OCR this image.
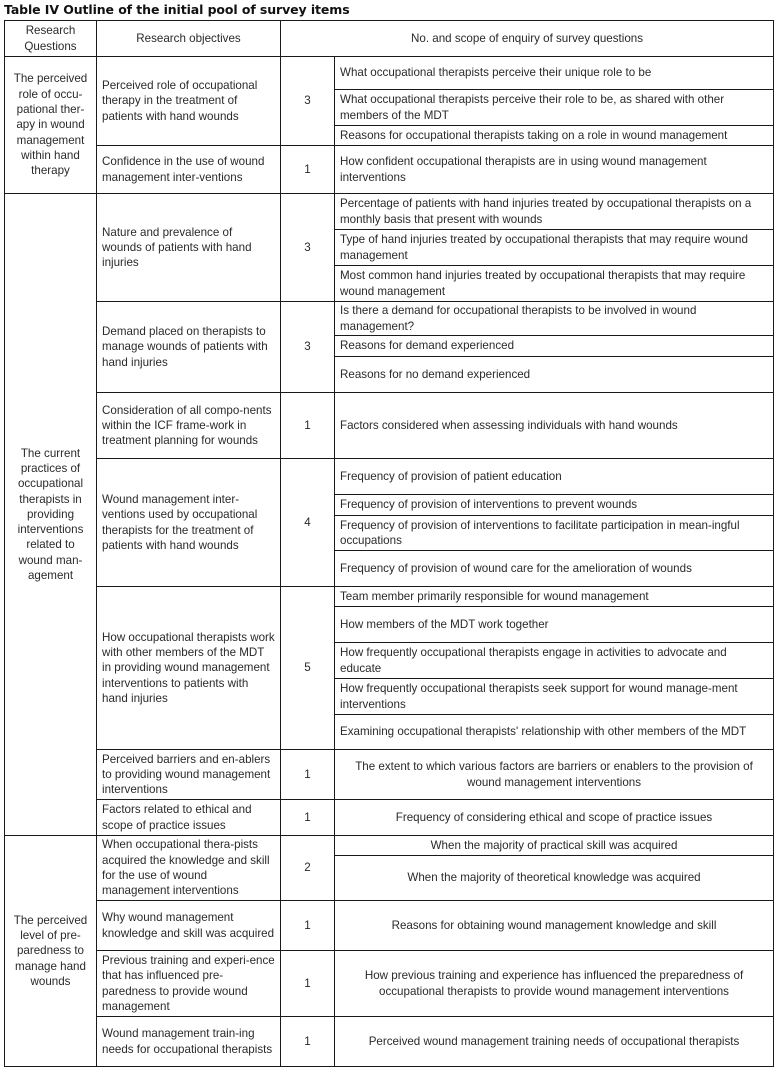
Table IV Outline of the initial pool of survey items
Research Questions	Research objectives	No. and scope of enquiry of survey questions	
The perceived role of occu-pational ther-apy in wound management within hand therapy	Perceived role of occupational therapy in the treatment of patients with hand wounds	3	What occupational therapists perceive their unique role to be
			What occupational therapists perceive their role to be, as shared with other members of the MDT
			Reasons for occupational therapists taking on a role in wound management
	Confidence in the use of wound management inter-ventions	1	How confident occupational therapists are in using wound management interventions
The current practices of occupational therapists in providing interventions related to wound man-agement	Nature and prevalence of wounds of patients with hand injuries	3	Percentage of patients with hand injuries treated by occupational therapists on a monthly basis that present with wounds
			Type of hand injuries treated by occupational therapists that may require wound management
			Most common hand injuries treated by occupational therapists that may require wound management
	Demand placed on therapists to manage wounds of patients with hand injuries	3	Is there a demand for occupational therapists to be involved in wound management?
			Reasons for demand experienced
			Reasons for no demand experienced
	Consideration of all compo-nents within the ICF frame-work in treatment planning for wounds	1	Factors considered when assessing individuals with hand wounds
	Wound management inter-ventions used by occupational therapists for the treatment of patients with hand wounds	4	Frequency of provision of patient education
			Frequency of provision of interventions to prevent wounds
			Frequency of provision of interventions to facilitate participation in mean-ingful occupations
			Frequency of provision of wound care for the amelioration of wounds
	How occupational therapists work with other members of the MDT in providing wound management interventions to patients with hand injuries	5	Team member primarily responsible for wound management
			How members of the MDT work together
			How frequently occupational therapists engage in activities to advocate and educate
			How frequently occupational therapists seek support for wound manage-ment interventions
			Examining occupational therapists' relationship with other members of the MDT
	Perceived barriers and en-ablers to providing wound management interventions	1	The extent to which various factors are barriers or enablers to the provision of wound management interventions
	Factors related to ethical and scope of practice issues	1	Frequency of considering ethical and scope of practice issues
The perceived level of pre-paredness to manage hand wounds	When occupational thera-pists acquired the knowledge and skill for the use of wound management interventions	2	When the majority of practical skill was acquired
			When the majority of theoretical knowledge was acquired
	Why wound management knowledge and skill was acquired	1	Reasons for obtaining wound management knowledge and skill
	Previous training and experi-ence that has influenced pre-paredness to provide wound management	1	How previous training and experience has influenced the preparedness of occupational therapists to provide wound management interventions
	Wound management train-ing needs for occupational therapists	1	Perceived wound management training needs of occupational therapists
